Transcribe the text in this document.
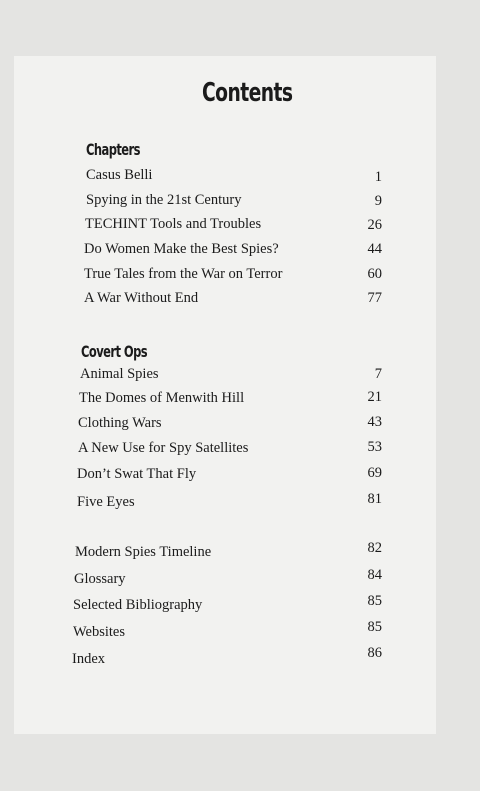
Contents
Chapters
Casus Belli	1
Spying in the 21st Century	9
TECHINT Tools and Troubles	26
Do Women Make the Best Spies?	44
True Tales from the War on Terror	60
A War Without End	77
Covert Ops
Animal Spies	7
The Domes of Menwith Hill	21
Clothing Wars	43
A New Use for Spy Satellites	53
Don’t Swat That Fly	69
Five Eyes	81
Modern Spies Timeline	82
Glossary	84
Selected Bibliography	85
Websites	85
Index	86
